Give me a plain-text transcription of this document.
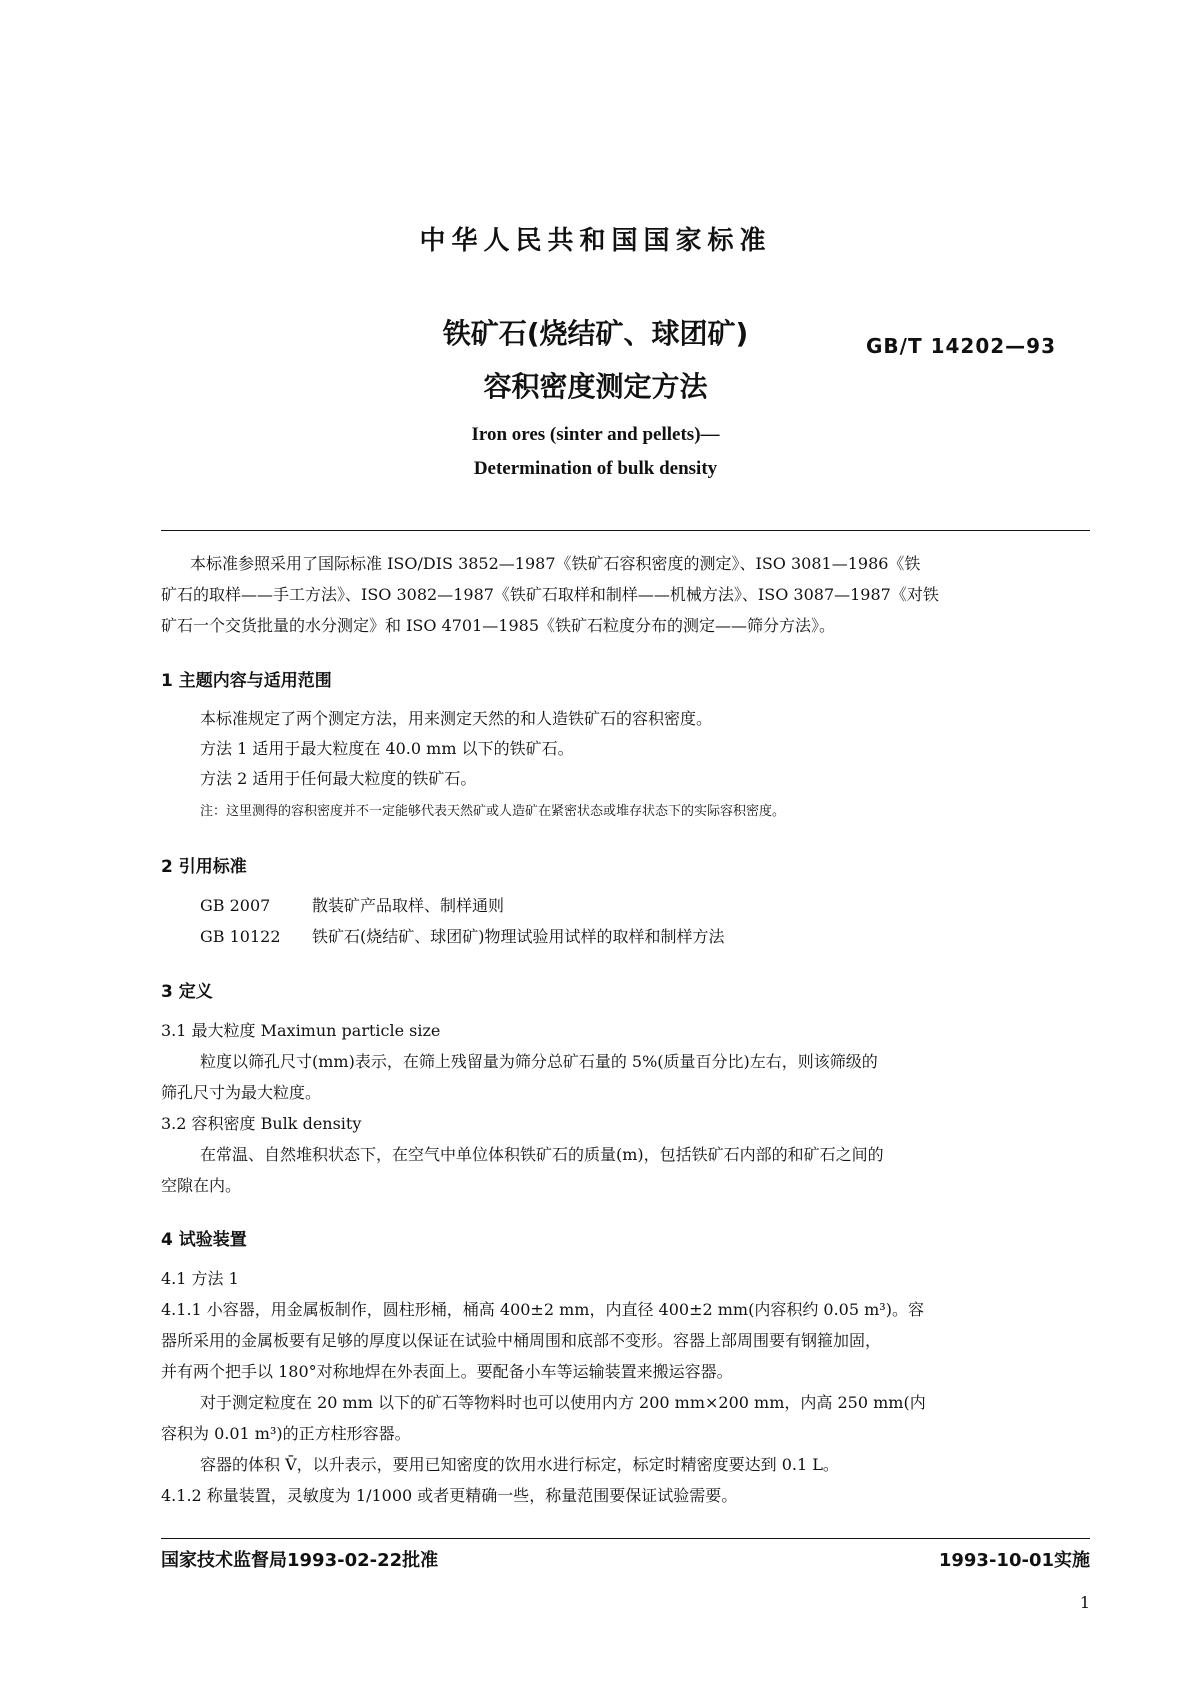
中华人民共和国国家标准
铁矿石(烧结矿、球团矿)
容积密度测定方法
GB/T 14202—93
Iron ores (sinter and pellets)—
Determination of bulk density
本标准参照采用了国际标准 ISO/DIS 3852—1987《铁矿石容积密度的测定》、ISO 3081—1986《铁
矿石的取样——手工方法》、ISO 3082—1987《铁矿石取样和制样——机械方法》、ISO 3087—1987《对铁
矿石一个交货批量的水分测定》和 ISO 4701—1985《铁矿石粒度分布的测定——筛分方法》。
1 主题内容与适用范围
本标准规定了两个测定方法，用来测定天然的和人造铁矿石的容积密度。
方法 1 适用于最大粒度在 40.0 mm 以下的铁矿石。
方法 2 适用于任何最大粒度的铁矿石。
注：这里测得的容积密度并不一定能够代表天然矿或人造矿在紧密状态或堆存状态下的实际容积密度。
2 引用标准
GB 2007	散装矿产品取样、制样通则
GB 10122 铁矿石(烧结矿、球团矿)物理试验用试样的取样和制样方法
3 定义
3.1 最大粒度 Maximun particle size
粒度以筛孔尺寸(mm)表示，在筛上残留量为筛分总矿石量的 5%(质量百分比)左右，则该筛级的
筛孔尺寸为最大粒度。
3.2 容积密度 Bulk density
在常温、自然堆积状态下，在空气中单位体积铁矿石的质量(m)，包括铁矿石内部的和矿石之间的
空隙在内。
4 试验装置
4.1 方法 1
4.1.1 小容器，用金属板制作，圆柱形桶，桶高 400±2 mm，内直径 400±2 mm(内容积约 0.05 m³)。容
器所采用的金属板要有足够的厚度以保证在试验中桶周围和底部不变形。容器上部周围要有钢箍加固，
并有两个把手以 180°对称地焊在外表面上。要配备小车等运输装置来搬运容器。
对于测定粒度在 20 mm 以下的矿石等物料时也可以使用内方 200 mm×200 mm，内高 250 mm(内
容积为 0.01 m³)的正方柱形容器。
容器的体积 V̄，以升表示，要用已知密度的饮用水进行标定，标定时精密度要达到 0.1 L。
4.1.2 称量装置，灵敏度为 1/1000 或者更精确一些，称量范围要保证试验需要。
国家技术监督局1993-02-22批准	1993-10-01实施
1
